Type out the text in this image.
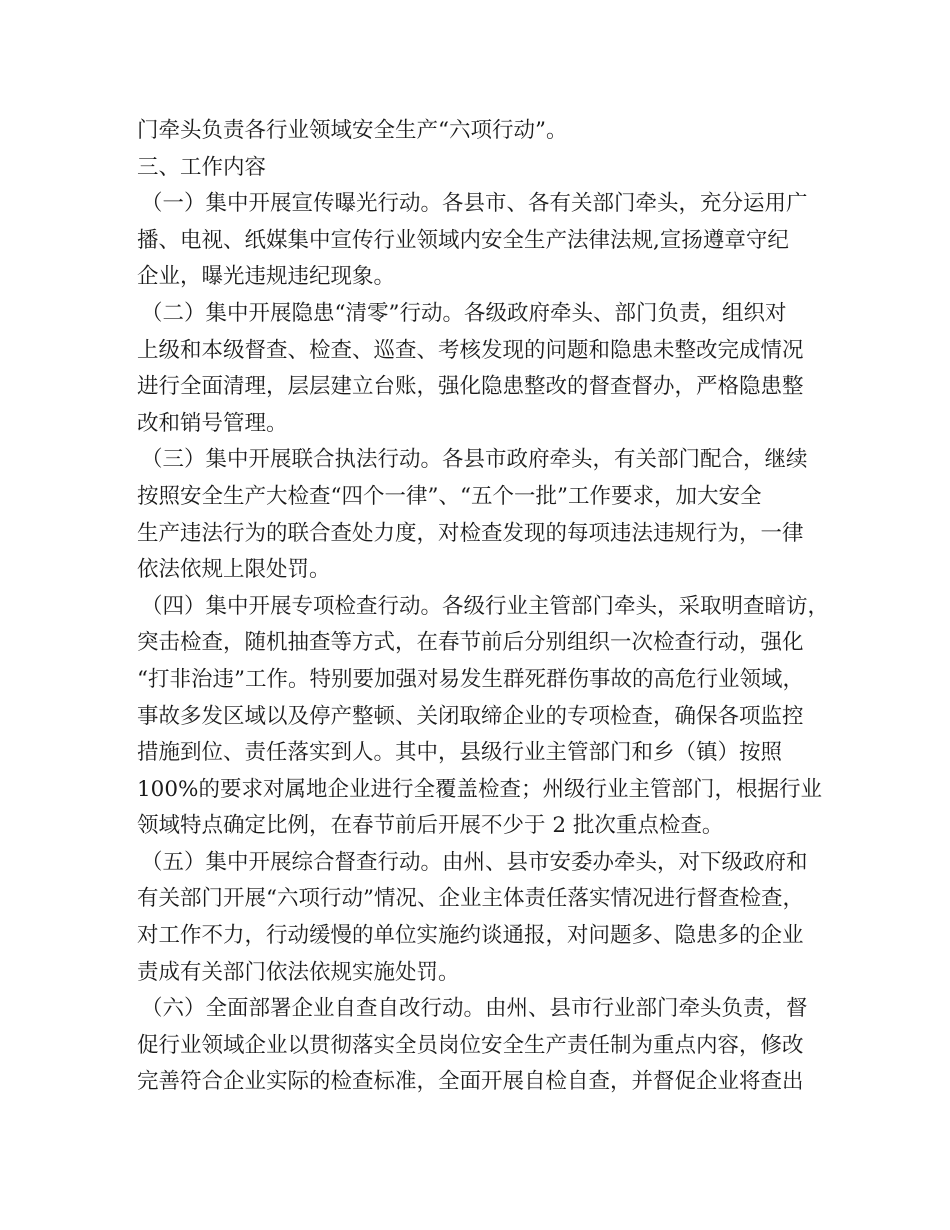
门牵头负责各行业领域安全生产“六项行动”。
三、工作内容
（一）集中开展宣传曝光行动。各县市、各有关部门牵头，充分运用广
播、电视、纸媒集中宣传行业领域内安全生产法律法规,宣扬遵章守纪
企业，曝光违规违纪现象。
（二）集中开展隐患“清零”行动。各级政府牵头、部门负责，组织对
上级和本级督查、检查、巡查、考核发现的问题和隐患未整改完成情况
进行全面清理，层层建立台账，强化隐患整改的督查督办，严格隐患整
改和销号管理。
（三）集中开展联合执法行动。各县市政府牵头，有关部门配合，继续
按照安全生产大检查“四个一律”、“五个一批”工作要求，加大安全
生产违法行为的联合查处力度，对检查发现的每项违法违规行为，一律
依法依规上限处罚。
（四）集中开展专项检查行动。各级行业主管部门牵头，采取明查暗访，
突击检查，随机抽查等方式，在春节前后分别组织一次检查行动，强化
“打非治违”工作。特别要加强对易发生群死群伤事故的高危行业领域，
事故多发区域以及停产整顿、关闭取缔企业的专项检查，确保各项监控
措施到位、责任落实到人。其中，县级行业主管部门和乡（镇）按照
100%的要求对属地企业进行全覆盖检查；州级行业主管部门，根据行业
领域特点确定比例，在春节前后开展不少于 2 批次重点检查。
（五）集中开展综合督查行动。由州、县市安委办牵头，对下级政府和
有关部门开展“六项行动”情况、企业主体责任落实情况进行督查检查，
对工作不力，行动缓慢的单位实施约谈通报，对问题多、隐患多的企业
责成有关部门依法依规实施处罚。
（六）全面部署企业自查自改行动。由州、县市行业部门牵头负责，督
促行业领域企业以贯彻落实全员岗位安全生产责任制为重点内容，修改
完善符合企业实际的检查标准，全面开展自检自查，并督促企业将查出
